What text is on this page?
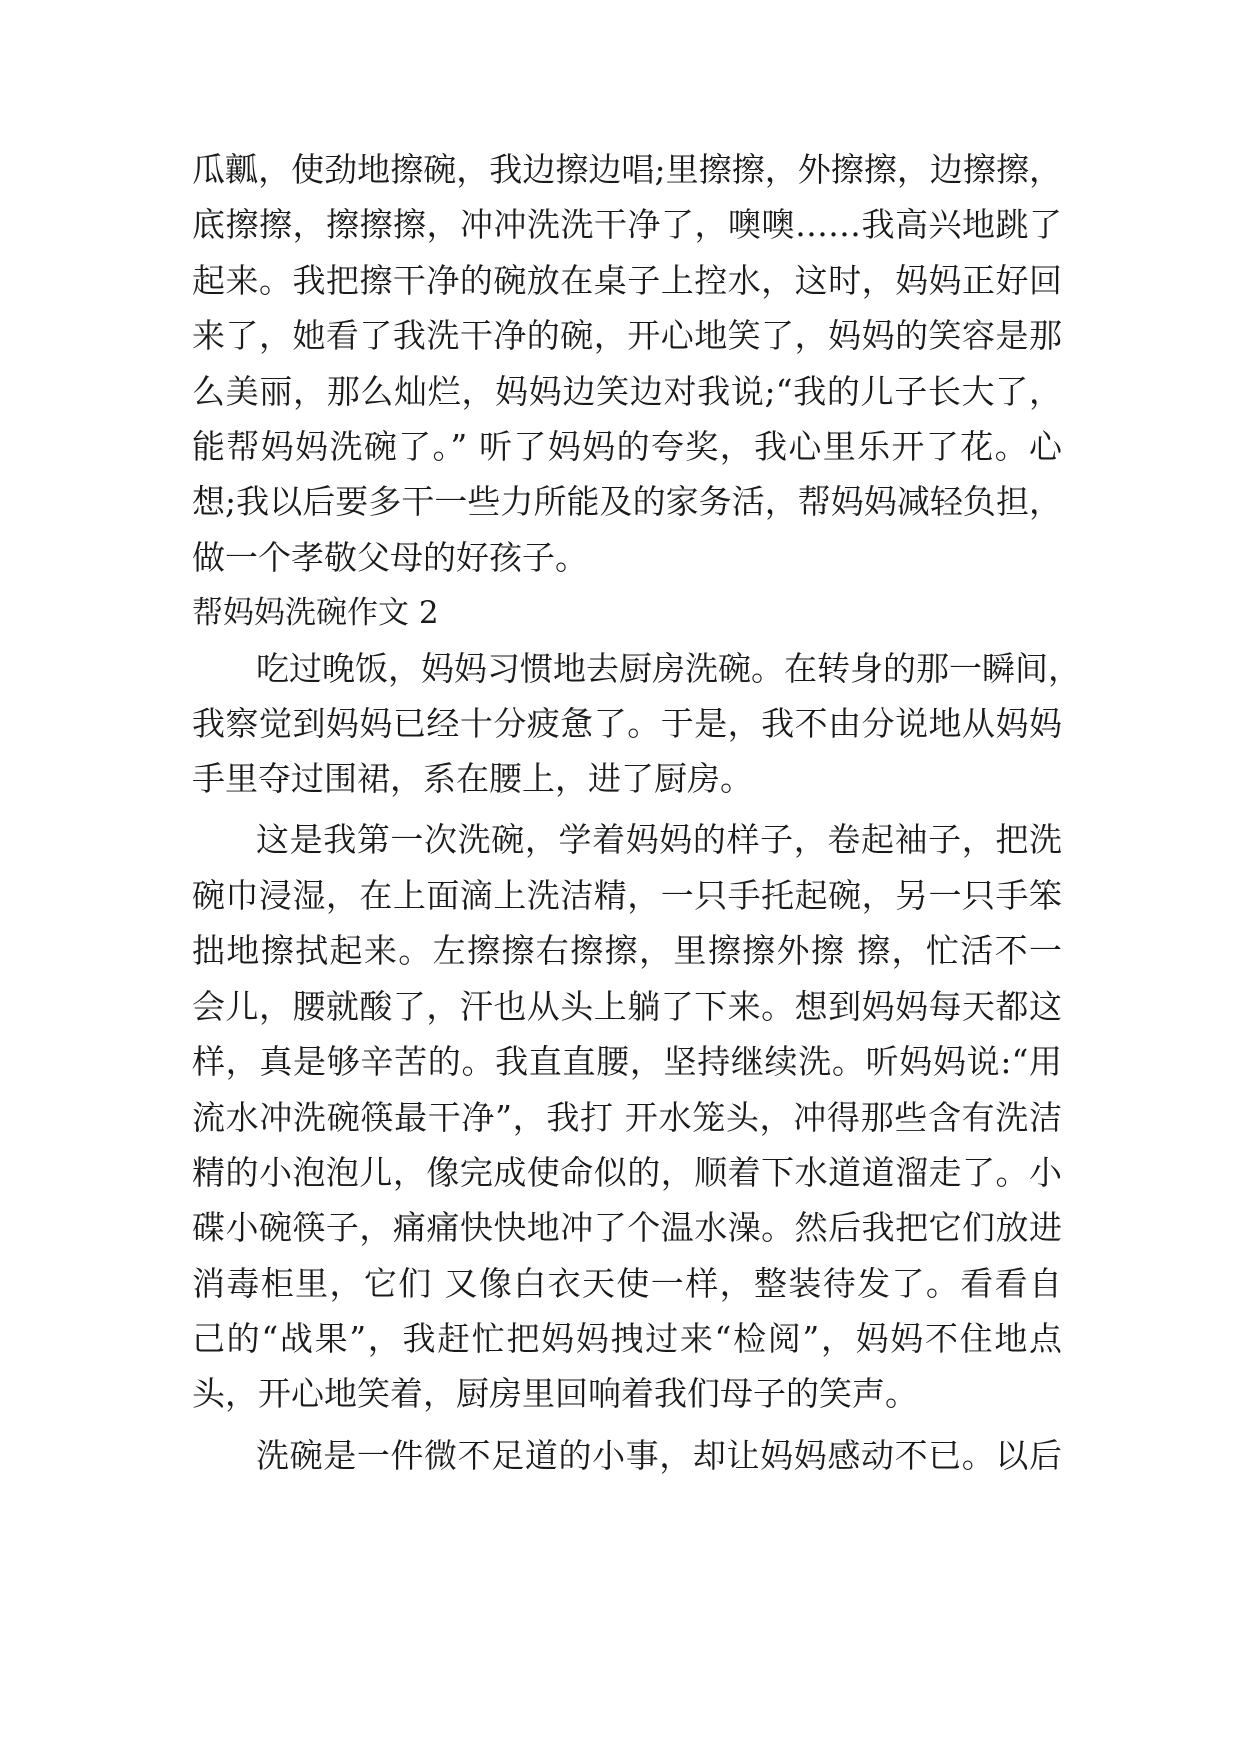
瓜瓤，使劲地擦碗，我边擦边唱;里擦擦，外擦擦，边擦擦，
底擦擦，擦擦擦，冲冲洗洗干净了，噢噢……我高兴地跳了
起来。我把擦干净的碗放在桌子上控水，这时，妈妈正好回
来了，她看了我洗干净的碗，开心地笑了，妈妈的笑容是那
么美丽，那么灿烂，妈妈边笑边对我说;“我的儿子长大了，
能帮妈妈洗碗了。” 听了妈妈的夸奖，我心里乐开了花。心
想;我以后要多干一些力所能及的家务活，帮妈妈减轻负担，
做一个孝敬父母的好孩子。
帮妈妈洗碗作文 2
吃过晚饭，妈妈习惯地去厨房洗碗。在转身的那一瞬间，
我察觉到妈妈已经十分疲惫了。于是，我不由分说地从妈妈
手里夺过围裙，系在腰上，进了厨房。
这是我第一次洗碗，学着妈妈的样子，卷起袖子，把洗
碗巾浸湿，在上面滴上洗洁精，一只手托起碗，另一只手笨
拙地擦拭起来。左擦擦右擦擦，里擦擦外擦 擦，忙活不一
会儿，腰就酸了，汗也从头上躺了下来。想到妈妈每天都这
样，真是够辛苦的。我直直腰，坚持继续洗。听妈妈说:“用
流水冲洗碗筷最干净”，我打 开水笼头，冲得那些含有洗洁
精的小泡泡儿，像完成使命似的，顺着下水道道溜走了。小
碟小碗筷子，痛痛快快地冲了个温水澡。然后我把它们放进
消毒柜里，它们 又像白衣天使一样，整装待发了。看看自
己的“战果”，我赶忙把妈妈拽过来“检阅”，妈妈不住地点
头，开心地笑着，厨房里回响着我们母子的笑声。
洗碗是一件微不足道的小事，却让妈妈感动不已。以后
